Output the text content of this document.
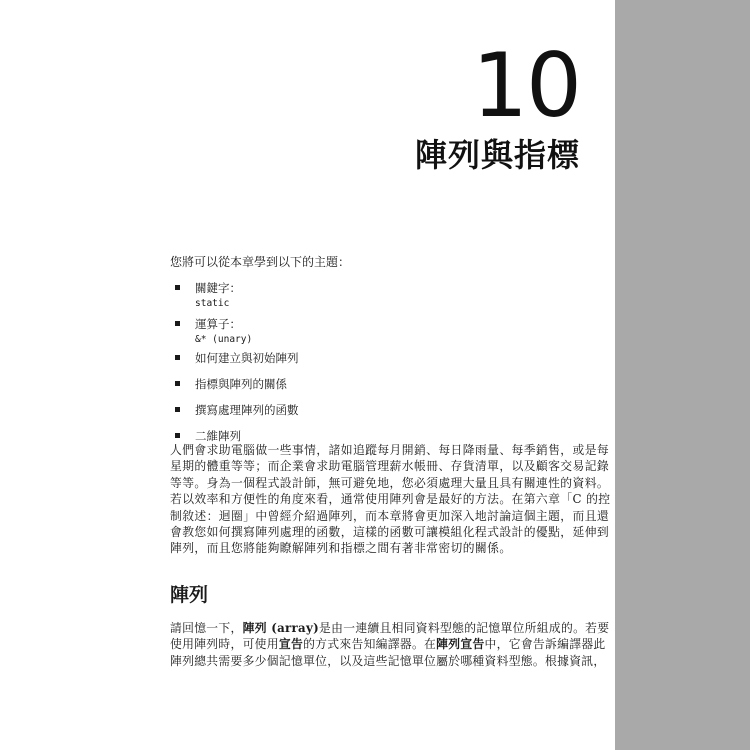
10
陣列與指標
您將可以從本章學到以下的主題：
關鍵字：
static
運算子：
&* (unary)
如何建立與初始陣列
指標與陣列的關係
撰寫處理陣列的函數
二維陣列

人們會求助電腦做一些事情，諸如追蹤每月開銷、每日降雨量、每季銷售，或是每
星期的體重等等；而企業會求助電腦管理薪水帳冊、存貨清單，以及顧客交易記錄
等等。身為一個程式設計師，無可避免地，您必須處理大量且具有關連性的資料。
若以效率和方便性的角度來看，通常使用陣列會是最好的方法。在第六章「C 的控
制敘述：迴圈」中曾經介紹過陣列，而本章將會更加深入地討論這個主題，而且還
會教您如何撰寫陣列處理的函數，這樣的函數可讓模組化程式設計的優點，延伸到
陣列，而且您將能夠瞭解陣列和指標之間有著非常密切的關係。

陣列

請回憶一下，陣列 (array)是由一連續且相同資料型態的記憶單位所組成的。若要
使用陣列時，可使用宣告的方式來告知編譯器。在陣列宣告中，它會告訴編譯器此
陣列總共需要多少個記憶單位，以及這些記憶單位屬於哪種資料型態。根據資訊，
